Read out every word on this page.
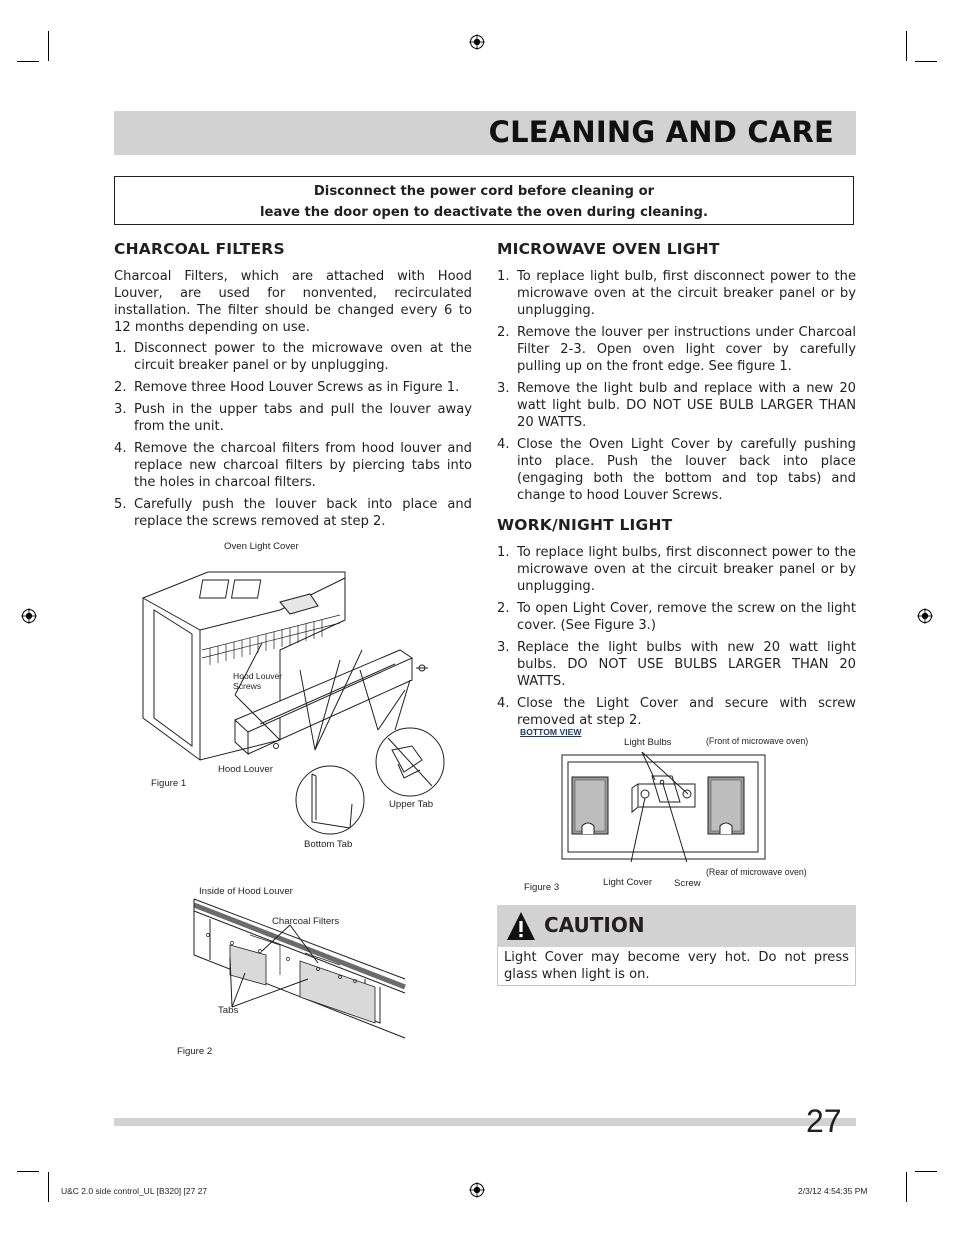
CLEANING AND CARE
Disconnect the power cord before cleaning or
leave the door open to deactivate the oven during cleaning.
CHARCOAL FILTERS

Charcoal Filters, which are attached with Hood Louver, are used for nonvented, recirculated installation. The filter should be changed every 6 to 12 months depending on use.

1. Disconnect power to the microwave oven at the circuit breaker panel or by unplugging.
2. Remove three Hood Louver Screws as in Figure 1.
3. Push in the upper tabs and pull the louver away from the unit.
4. Remove the charcoal filters from hood louver and replace new charcoal filters by piercing tabs into the holes in charcoal filters.
5. Carefully push the louver back into place and replace the screws removed at step 2.
MICROWAVE OVEN LIGHT
1. To replace light bulb, first disconnect power to the microwave oven at the circuit breaker panel or by unplugging.
2. Remove the louver per instructions under Charcoal Filter 2-3. Open oven light cover by carefully pulling up on the front edge. See figure 1.
3. Remove the light bulb and replace with a new 20 watt light bulb. DO NOT USE BULB LARGER THAN 20 WATTS.
4. Close the Oven Light Cover by carefully pushing into place. Push the louver back into place (engaging both the bottom and top tabs) and change to hood Louver Screws.
WORK/NIGHT LIGHT
1. To replace light bulbs, first disconnect power to the microwave oven at the circuit breaker panel or by unplugging.
2. To open Light Cover, remove the screw on the light cover. (See Figure 3.)
3. Replace the light bulbs with new 20 watt light bulbs. DO NOT USE BULBS LARGER THAN 20 WATTS.
4. Close the Light Cover and secure with screw removed at step 2.
Oven Light Cover
Hood Louver
Screws
Hood Louver
Figure 1
Upper Tab
Bottom Tab
Inside of Hood Louver
Charcoal Filters
Tabs
Figure 2
BOTTOM VIEW
Light Bulbs	(Front of microwave oven)
(Rear of microwave oven)
Figure 3	Light Cover Screw
CAUTION
Light Cover may become very hot. Do not press glass when light is on.
27
U&C 2.0 side control_UL [B320] [27 27	2/3/12 4:54:35 PM
